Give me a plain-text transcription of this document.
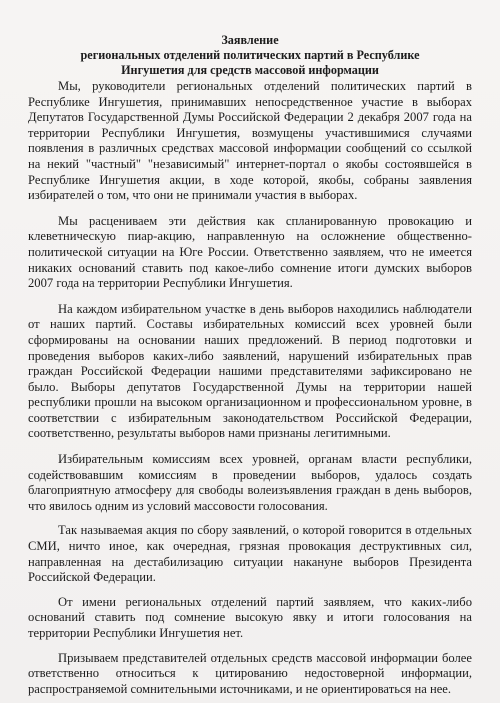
Заявление
региональных отделений политических партий в Республике
Ингушетия для средств массовой информации

Мы, руководители региональных отделений политических партий в Республике Ингушетия, принимавших непосредственное участие в выборах Депутатов Государственной Думы Российской Федерации 2 декабря 2007 года на территории Республики Ингушетия, возмущены участившимися случаями появления в различных средствах массовой информации сообщений со ссылкой на некий "частный" "независимый" интернет-портал о якобы состоявшейся в Республике Ингушетия акции, в ходе которой, якобы, собраны заявления избирателей о том, что они не принимали участия в выборах.

Мы расцениваем эти действия как спланированную провокацию и клеветническую пиар-акцию, направленную на осложнение общественно-политической ситуации на Юге России. Ответственно заявляем, что не имеется никаких оснований ставить под какое-либо сомнение итоги думских выборов 2007 года на территории Республики Ингушетия.

На каждом избирательном участке в день выборов находились наблюдатели от наших партий. Составы избирательных комиссий всех уровней были сформированы на основании наших предложений. В период подготовки и проведения выборов каких-либо заявлений, нарушений избирательных прав граждан Российской Федерации нашими представителями зафиксировано не было. Выборы депутатов Государственной Думы на территории нашей республики прошли на высоком организационном и профессиональном уровне, в соответствии с избирательным законодательством Российской Федерации, соответственно, результаты выборов нами признаны легитимными.

Избирательным комиссиям всех уровней, органам власти республики, содействовавшим комиссиям в проведении выборов, удалось создать благоприятную атмосферу для свободы волеизъявления граждан в день выборов, что явилось одним из условий массовости голосования.

Так называемая акция по сбору заявлений, о которой говорится в отдельных СМИ, ничто иное, как очередная, грязная провокация деструктивных сил, направленная на дестабилизацию ситуации накануне выборов Президента Российской Федерации.

От имени региональных отделений партий заявляем, что каких-либо оснований ставить под сомнение высокую явку и итоги голосования на территории Республики Ингушетия нет.

Призываем представителей отдельных средств массовой информации более ответственно относиться к цитированию недостоверной информации, распространяемой сомнительными источниками, и не ориентироваться на нее.
